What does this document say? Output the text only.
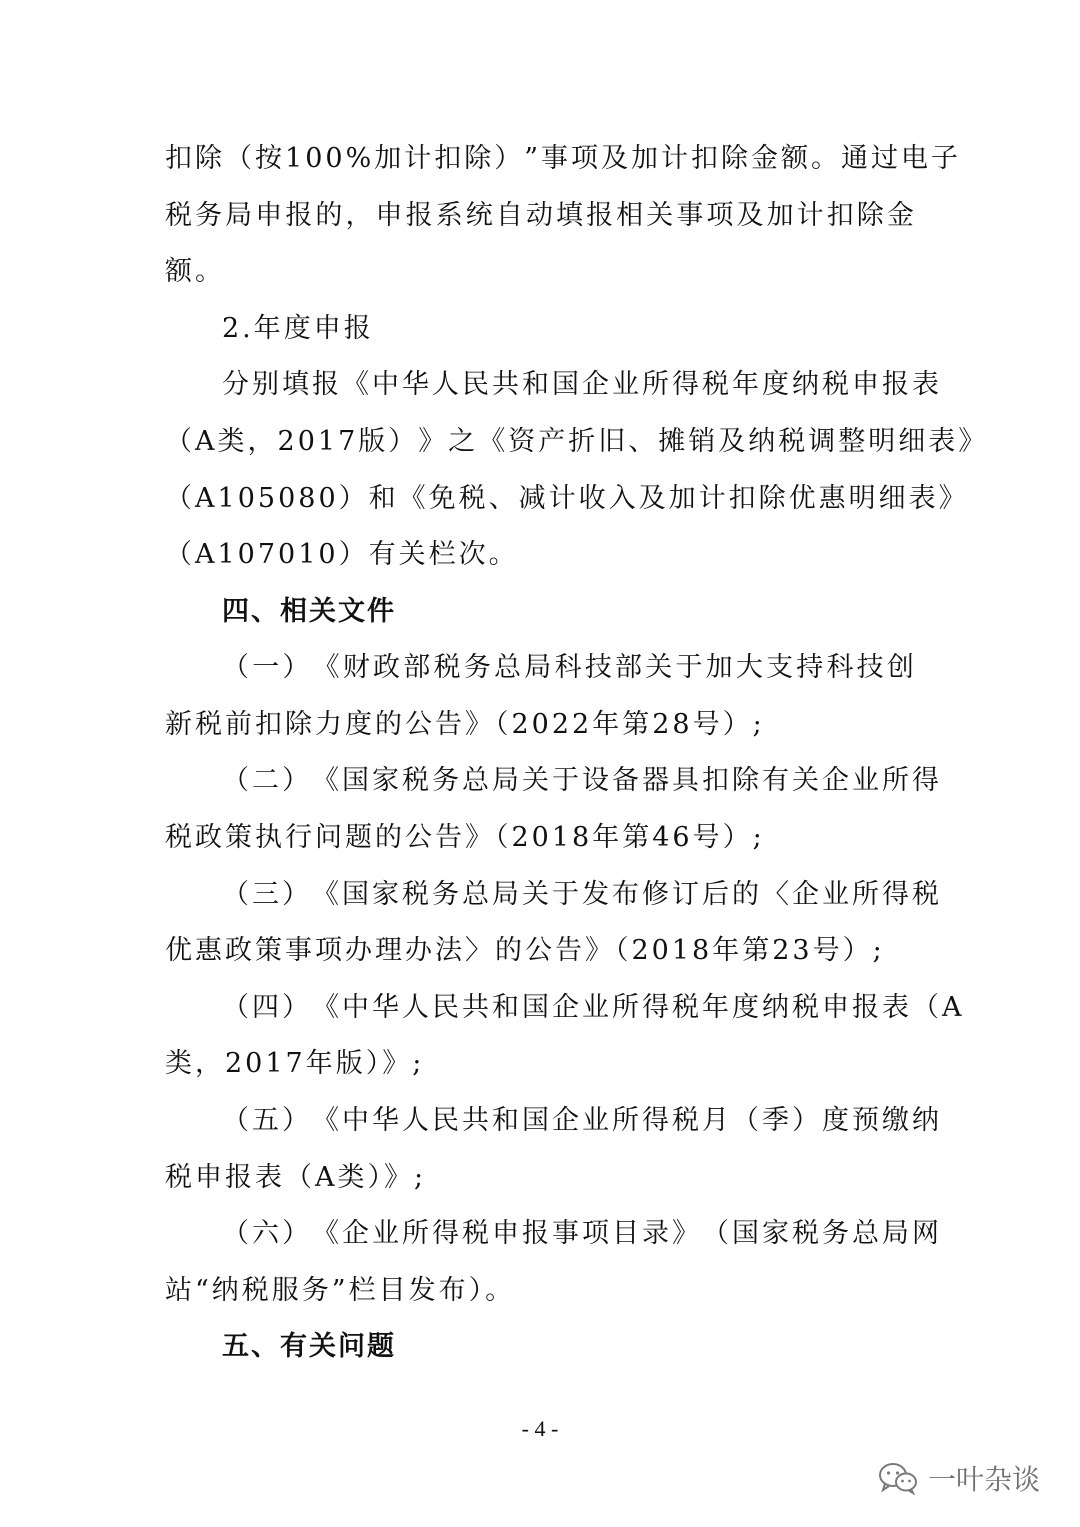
扣 除 （ 按 1 0 0 % 加 计 扣 除 ） ” 事 项 及 加 计 扣 除 金 额 。 通 过 电 子
税 务 局 申 报 的 ， 申 报 系 统 自 动 填 报 相 关 事 项 及 加 计 扣 除 金
额。
2.年度申报
分 别 填 报 《 中 华 人 民 共 和 国 企 业 所 得 税 年 度 纳 税 申 报 表
（ A 类 ， 2 0 1 7 版 ） 》 之 《 资 产 折 旧 、 摊 销 及 纳 税 调 整 明 细 表 》
（ A 1 0 5 0 8 0 ） 和 《 免 税 、 减 计 收 入 及 加 计 扣 除 优 惠 明 细 表 》
（A107010）有关栏次。
四、相关文件
（ 一 ） 《 财 政 部 税 务 总 局 科 技 部 关 于 加 大 支 持 科 技 创
新税前扣除力度的公告》（2022年第28号）;
（ 二 ） 《 国 家 税 务 总 局 关 于 设 备 器 具 扣 除 有 关 企 业 所 得
税政策执行问题的公告》（2018年第46号）;
（ 三 ） 《 国 家 税 务 总 局 关 于 发 布 修 订 后 的 〈 企 业 所 得 税
优惠政策事项办理办法〉的公告》（2018年第23号）;
（ 四 ） 《 中 华 人 民 共 和 国 企 业 所 得 税 年 度 纳 税 申 报 表 （ A
类，2017年版）》;
（ 五 ） 《 中 华 人 民 共 和 国 企 业 所 得 税 月 （ 季 ） 度 预 缴 纳
税申报表（A类）》;
（ 六 ） 《 企 业 所 得 税 申 报 事 项 目 录 》 （ 国 家 税 务 总 局 网
站“纳税服务”栏目发布）。
五、有关问题
- 4 -
一叶杂谈
